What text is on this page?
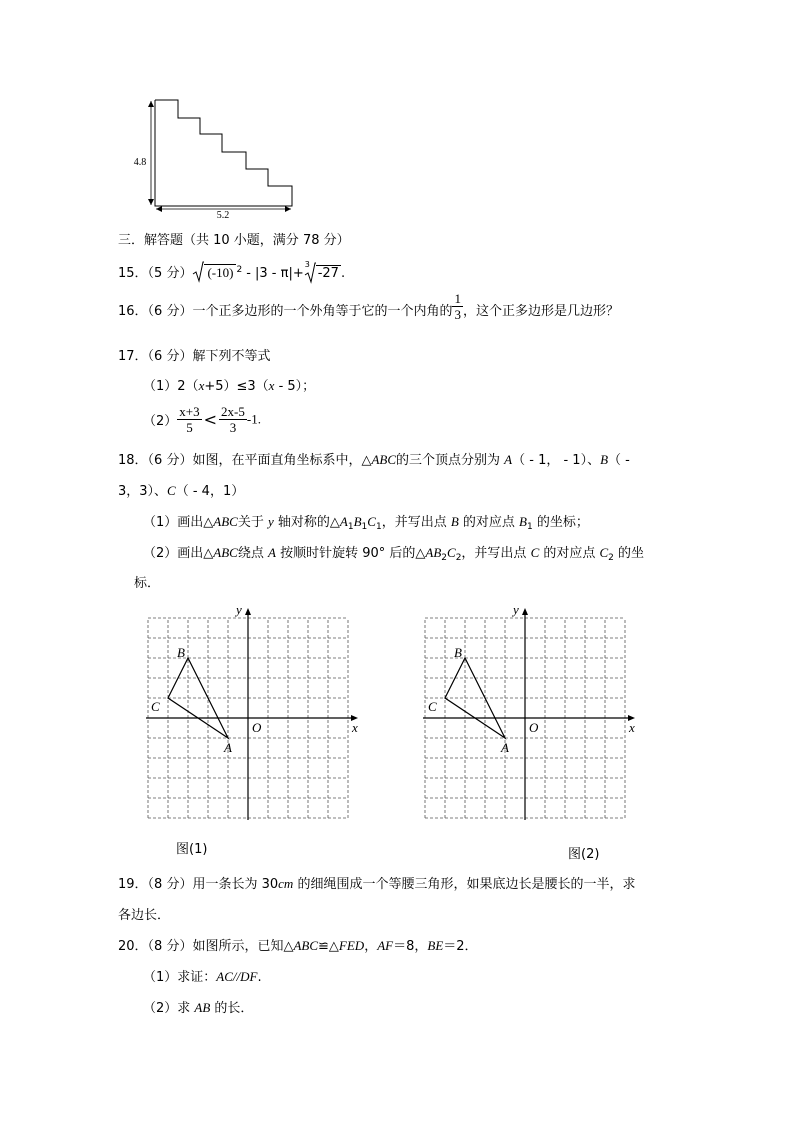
4.8
5.2
三．解答题（共 10 小题，满分 78 分）
15．（5 分） (-10) $^2$ - |3 - π|+
3
-27 .
16．（6 分）一个正多边形的一个外角等于它的一个内角的 $\frac{1}{3}$ ，这个正多边形是几边形？
17．（6 分）解下列不等式
（1）2（x+5）≤3（x - 5）；
$(2) \frac{x+3}{5} < \frac{2x-5}{3} -1$.
18．（6 分）如图，在平面直角坐标系中，△ABC的三个顶点分别为 A（ - 1， - 1）、B（ -
3，3）、C（ - 4，1）
（1）画出△ABC关于 y 轴对称的$\triangle A_1B_1C_1$，并写出点 B 的对应点 $B_1$ 的坐标；
（2）画出△ABC绕点 A 按顺时针旋转 90° 后的$\triangle AB_2C_2$，并写出点 C 的对应点 $C_2$ 的坐
标．
x
y
O
A
B
C
x
y
O
A
B
C
图(1)	图(2)
19．（8 分）用一条长为 30cm 的细绳围成一个等腰三角形，如果底边长是腰长的一半，求
各边长．
20．（8 分）如图所示，已知△ABC≌△FED，AF＝8，BE＝2．
（1）求证：AC//DF.
（2）求 AB 的长．
